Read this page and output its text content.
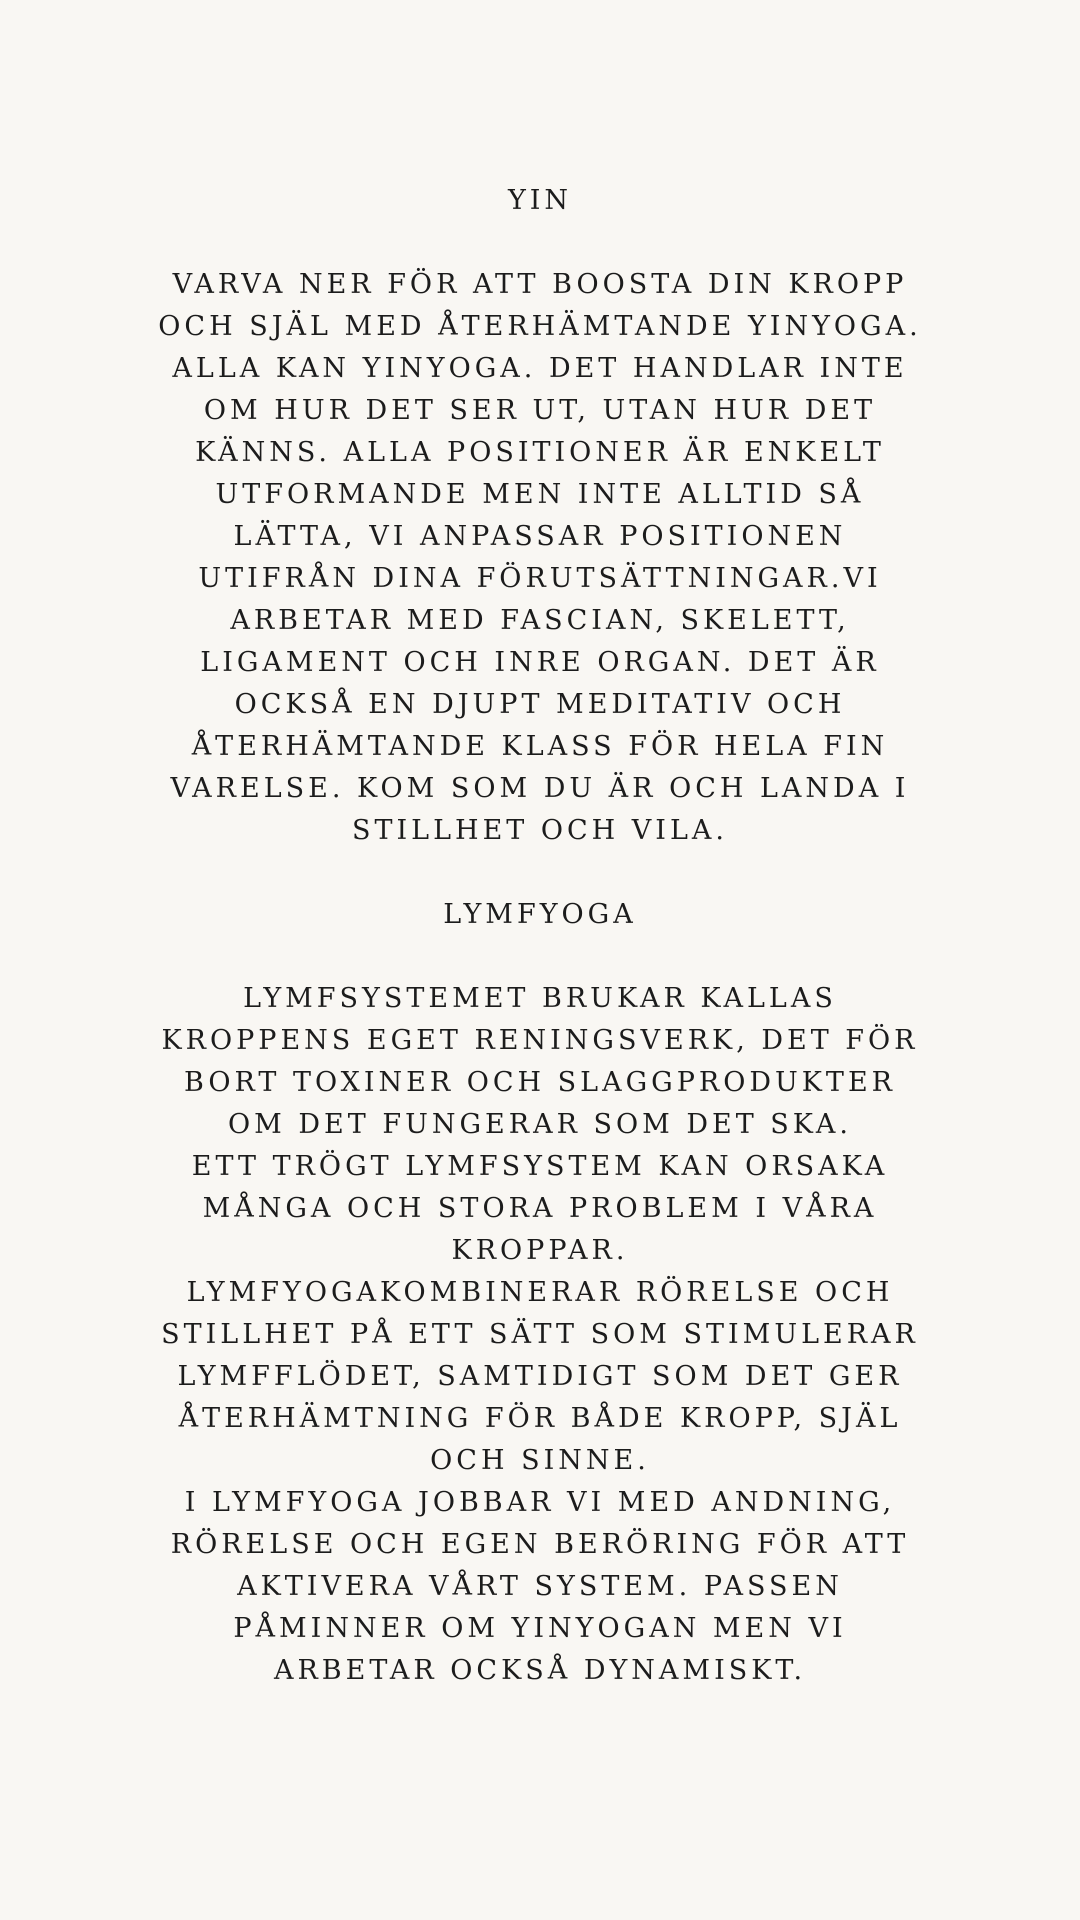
YIN
VARVA NER FÖR ATT BOOSTA DIN KROPP
OCH SJÄL MED ÅTERHÄMTANDE YINYOGA.
ALLA KAN YINYOGA. DET HANDLAR INTE
OM HUR DET SER UT, UTAN HUR DET
KÄNNS. ALLA POSITIONER ÄR ENKELT
UTFORMANDE MEN INTE ALLTID SÅ
LÄTTA, VI ANPASSAR POSITIONEN
UTIFRÅN DINA FÖRUTSÄTTNINGAR.VI
ARBETAR MED FASCIAN, SKELETT,
LIGAMENT OCH INRE ORGAN. DET ÄR
OCKSÅ EN DJUPT MEDITATIV OCH
ÅTERHÄMTANDE KLASS FÖR HELA FIN
VARELSE. KOM SOM DU ÄR OCH LANDA I
STILLHET OCH VILA.
LYMFYOGA
LYMFSYSTEMET BRUKAR KALLAS
KROPPENS EGET RENINGSVERK, DET FÖR
BORT TOXINER OCH SLAGGPRODUKTER
OM DET FUNGERAR SOM DET SKA.
ETT TRÖGT LYMFSYSTEM KAN ORSAKA
MÅNGA OCH STORA PROBLEM I VÅRA
KROPPAR.
LYMFYOGAKOMBINERAR RÖRELSE OCH
STILLHET PÅ ETT SÄTT SOM STIMULERAR
LYMFFLÖDET, SAMTIDIGT SOM DET GER
ÅTERHÄMTNING FÖR BÅDE KROPP, SJÄL
OCH SINNE.
I LYMFYOGA JOBBAR VI MED ANDNING,
RÖRELSE OCH EGEN BERÖRING FÖR ATT
AKTIVERA VÅRT SYSTEM. PASSEN
PÅMINNER OM YINYOGAN MEN VI
ARBETAR OCKSÅ DYNAMISKT.
